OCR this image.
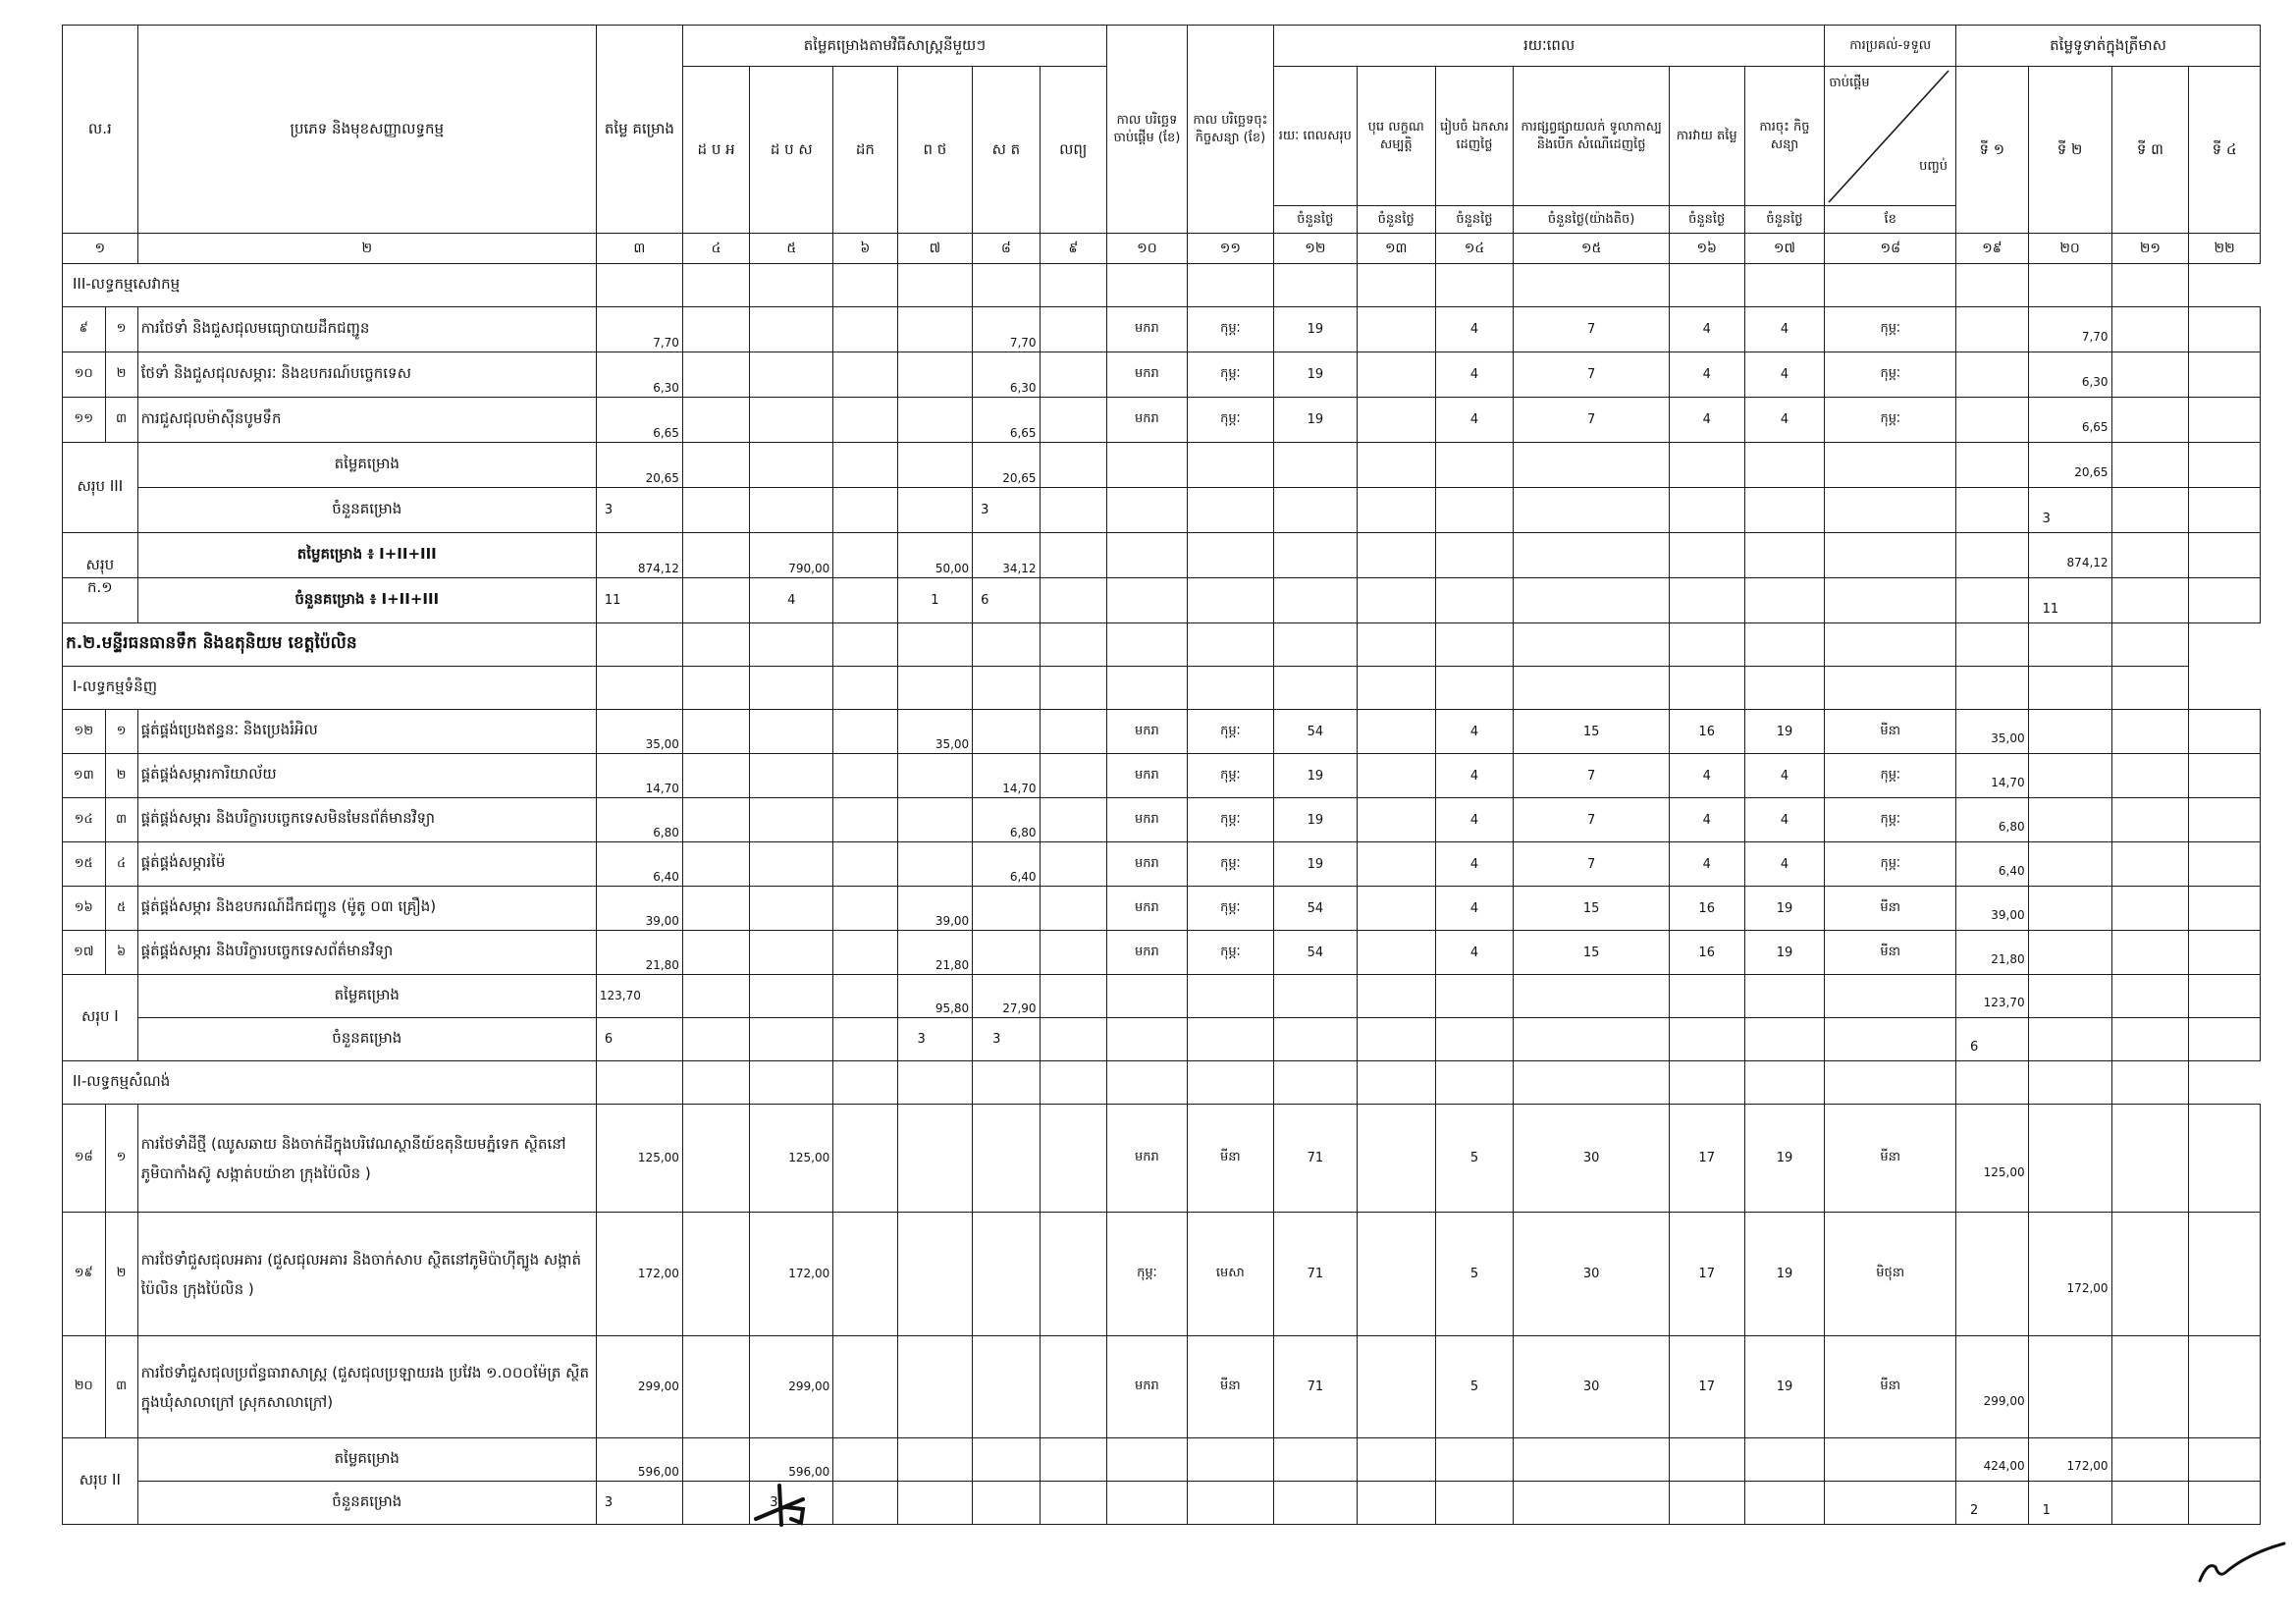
ល.រ		ប្រភេទ និងមុខសញ្ញាលទ្ធកម្ម	តម្លៃ គម្រោង	តម្លៃគម្រោងតាមវិធីសាស្ត្រនីមួយៗ						កាល បរិច្ឆេទ ចាប់ផ្តើម (ខែ)	កាល បរិច្ឆេទចុះ កិច្ចសន្យា (ខែ)	រយៈពេល						ការប្រគល់-ទទួល	តម្លៃទូទាត់ក្នុងត្រីមាស			
				ដ ប អ	ដ ប ស	ដក	ព ថ	ស ត	លព្យ			រយៈ ពេលសរុប	បុរេ លក្ខណ សម្បត្តិ	រៀបចំ ឯកសារ ដេញថ្លៃ	ការផ្សព្វផ្សាយលក់ ទូលាកាស្ប និងបើក សំណើដេញថ្លៃ	ការវាយ តម្លៃ	ការចុះ កិច្ចសន្យា	ចាប់ផ្តើម
បញ្ចប់	ទី ១	ទី ២	ទី ៣	ទី ៤
												ចំនួនថ្ងៃ	ចំនួនថ្ងៃ	ចំនួនថ្ងៃ	ចំនួនថ្ងៃ(យ៉ាងតិច)	ចំនួនថ្ងៃ	ចំនួនថ្ងៃ	ខែ				
១		២	៣	៤	៥	៦	៧	៨	៩	១០	១១	១២	១៣	១៤	១៥	១៦	១៧	១៨	១៩	២០	២១	២២
III-លទ្ធកម្មសេវាកម្ម																						
៩	១	ការថែទាំ និងជួសជុលមធ្យោបាយដឹកជញ្ជូន	7,70					7,70		មករា	កុម្ភៈ	19		4	7	4	4	កុម្ភៈ		7,70		
១០	២	ថែទាំ និងជួសជុលសម្ភារៈ និងឧបករណ៍បច្ចេកទេស	6,30					6,30		មករា	កុម្ភៈ	19		4	7	4	4	កុម្ភៈ		6,30		
១១	៣	ការជួសជុលម៉ាស៊ីនបូមទឹក	6,65					6,65		មករា	កុម្ភៈ	19		4	7	4	4	កុម្ភៈ		6,65		
សរុប III		តម្លៃគម្រោង	20,65					20,65												20,65		
		ចំនួនគម្រោង	3					3												3		
សរុប		តម្លៃគម្រោង ៖ I+II+III	874,12		790,00		50,00	34,12												874,12		
ក.១		ចំនួនគម្រោង ៖ I+II+III	11		4		1	6												11		
ក.២.មន្ទីរធនធានទឹក និងឧតុនិយម ខេត្តប៉ៃលិន																						
I-លទ្ធកម្មទំនិញ																						
១២	១	ផ្គត់ផ្គង់ប្រេងឥន្ធនៈ និងប្រេងរំអិល	35,00				35,00			មករា	កុម្ភៈ	54		4	15	16	19	មីនា	35,00			
១៣	២	ផ្គត់ផ្គង់សម្ភារការិយាល័យ	14,70					14,70		មករា	កុម្ភៈ	19		4	7	4	4	កុម្ភៈ	14,70			
១៤	៣	ផ្គត់ផ្គង់សម្ភារ និងបរិក្ខារបច្ចេកទេសមិនមែនព័ត៌មានវិទ្យា	6,80					6,80		មករា	កុម្ភៈ	19		4	7	4	4	កុម្ភៈ	6,80			
១៥	៤	ផ្គត់ផ្គង់សម្ភារម៉ៃ	6,40					6,40		មករា	កុម្ភៈ	19		4	7	4	4	កុម្ភៈ	6,40			
១៦	៥	ផ្គត់ផ្គង់សម្ភារ និងឧបករណ៍ដឹកជញ្ជូន (ម៉ូតូ ០៣ គ្រឿង)	39,00				39,00			មករា	កុម្ភៈ	54		4	15	16	19	មីនា	39,00			
១៧	៦	ផ្គត់ផ្គង់សម្ភារ និងបរិក្ខារបច្ចេកទេសព័ត៌មានវិទ្យា	21,80				21,80			មករា	កុម្ភៈ	54		4	15	16	19	មីនា	21,80			
សរុប I		តម្លៃគម្រោង	123,70				95,80	27,90											123,70			
		ចំនួនគម្រោង	6				3	3											6			
II-លទ្ធកម្មសំណង់																						
១៨	១	ការថែទាំដីថ្មី (ឈូសឆាយ និងចាក់ដីក្នុងបរិវេណស្ថានីយ៍ឧតុនិយមភ្នំទេក ស្ថិតនៅភូមិបាកាំងស៊ូ សង្កាត់បយ៉ាខា ក្រុងប៉ៃលិន )	125,00		125,00					មករា	មីនា	71		5	30	17	19	មីនា	125,00			
១៩	២	ការថែទាំជួសជុលអគារ (ជួសជុលអគារ និងចាក់សាប ស្ថិតនៅភូមិប៉ាហ៊ីត្បូង សង្កាត់ប៉ៃលិន ក្រុងប៉ៃលិន )	172,00		172,00					កុម្ភៈ	មេសា	71		5	30	17	19	មិថុនា		172,00		
២០	៣	ការថែទាំជួសជុលប្រព័ន្ធធារាសាស្ត្រ (ជួសជុលប្រឡាយរង ប្រវែង ១.០០០ម៉ែត្រ ស្ថិតក្នុងឃុំសាលាក្រៅ ស្រុកសាលាក្រៅ)	299,00		299,00					មករា	មីនា	71		5	30	17	19	មីនា	299,00			
សរុប II		តម្លៃគម្រោង	596,00		596,00														424,00	172,00		
		ចំនួនគម្រោង	3		3														2	1		
